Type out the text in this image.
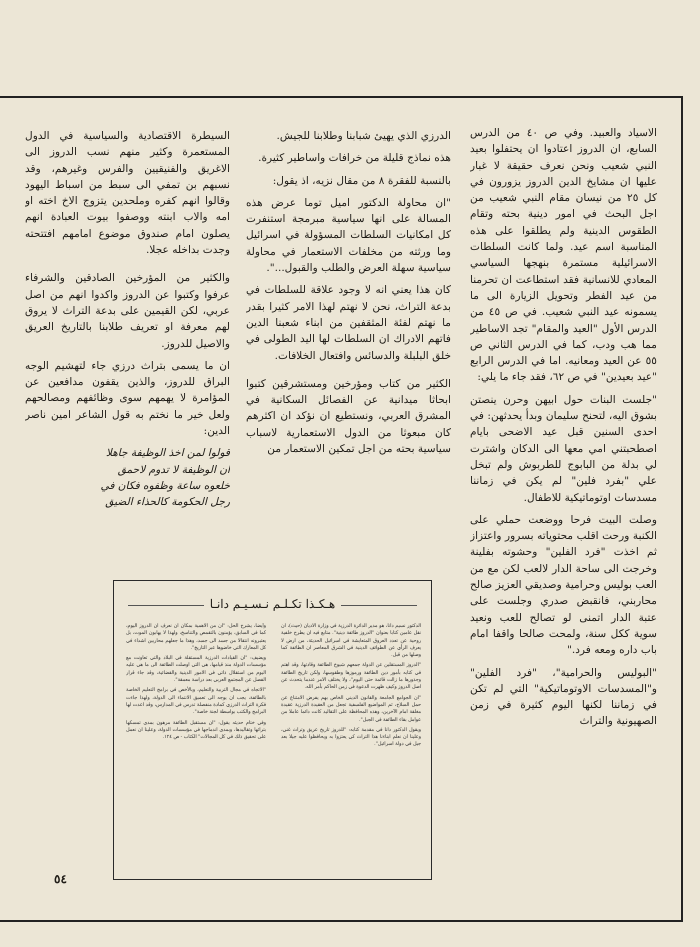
الاسياد والعبيد. وفي ص ٤٠ من الدرس السابع، ان الدروز اعتادوا ان يحتفلوا بعيد النبي شعيب ونحن نعرف حقيقة لا غبار عليها ان مشايخ الدين الدروز يزورون في كل ٢٥ من نيسان مقام النبي شعيب من اجل البحث في امور دينية بحته وتقام الطقوس الدينية ولم يطلقوا على هذه المناسبة اسم عيد. ولما كانت السلطات الاسرائيلية مستمرة بنهجها السياسي المعادي للانسانية فقد استطاعت ان تحرمنا من عيد الفطر وتحويل الزيارة الى ما يسمونه عيد النبي شعيب. في ص ٤٥ من الدرس الأول "العيد والمقام" تجد الاساطير مما هب ودب، كما في الدرس الثاني ص ٥٥ عن العيد ومعانيه. اما في الدرس الرابع "عيد بعيدين" في ص ٦٢، فقد جاء ما يلي:

"جلست البنات حول ابيهن وحرن ينصتن بشوق اليه، لتحنح سليمان وبدأ يحدثهن: في احدى السنين قبل عيد الاضحى بايام اصطحبتني امي معها الى الدكان واشترت لي بدلة من البابوج للطربوش ولم تبخل علي "بفرد فلين" لم يكن في زماننا مسدسات اوتوماتيكية للاطفال.

وصلت البيت فرحا ووضعت حملي على الكنبة ورحت اقلب محتوياته بسرور واعتزاز ثم اخذت "فرد الفلين" وحشوته بفلينة وخرجت الى ساحة الدار لالعب لكن مع من العب بوليس وحرامية وصديقي العزيز صالح محاربني، فانقبض صدري وجلست على عتبة الدار اتمنى لو تصالح للعب ونعيد سوية ككل سنة، ولمحت صالحا واقفا امام باب داره ومعه فرد."

"البوليس والحرامية"، "فرد الفلين" و"المسدسات الاوتوماتيكية" التي لم تكن في زماننا لكنها اليوم كثيرة في زمن الصهيونية والتراث

الدرزي الذي يهيئ شبابنا وطلابنا للجيش.

هذه نماذج قليلة من خرافات واساطير كثيرة.

بالنسبة للفقرة ٨ من مقال نزيه، اذ يقول:

"ان محاولة الدكتور اميل توما عرض هذه المسالة على انها سياسية مبرمجة استنفرت كل امكانيات السلطات المسؤولة في اسرائيل وما ورثته من مخلفات الاستعمار في محاولة سياسية سهلة العرض والطلب والقبول...".

كان هذا يعني انه لا وجود علاقة للسلطات في بدعة التراث، نحن لا نهتم لهذا الامر كثيرا بقدر ما نهتم لفئة المثقفين من ابناء شعبنا الدين فاتهم الادراك ان السلطات لها اليد الطولى في خلق البلبلة والدسائس وافتعال الخلافات.

الكثير من كتاب ومؤرخين ومستشرقين كتبوا ابحاثا ميدانية عن الفصائل السكانية في المشرق العربي، ونستطيع ان نؤكد ان اكثرهم كان مبعوثا من الدول الاستعمارية لاسباب سياسية بحته من اجل تمكين الاستعمار من

السيطرة الاقتصادية والسياسية في الدول المستعمرة وكثير منهم نسب الدروز الى الاغريق والفنيقيين والفرس وغيرهم، وقد نسبهم بن تمفي الى سبط من اسباط اليهود وقالوا انهم كفره وملحدين يتزوج الاخ اخته او امه والاب ابنته ووصفوا بيوت العبادة انهم يصلون امام صندوق موضوع امامهم افتتحته وجدت بداخله عجلا.

والكثير من المؤرخين الصادقين والشرفاء عرفوا وكتبوا عن الدروز واكدوا انهم من اصل عربي، لكن القيمين على بدعة التراث لا يروق لهم معرفة او تعريف طلابنا بالتاريخ العريق والاصيل للدروز.

ان ما يسمى بتراث درزي جاء لتهشيم الوجه البراق للدروز، والذين يقفون مدافعين عن المؤامرة لا يهمهم سوى وظائفهم ومصالحهم ولعل خير ما نختم به قول الشاعر امين ناصر الدين:

قولوا لمن اخذ الوظيفة جاهلا
ان الوظيفة لا تدوم لاحمق
خلعوه ساعة وظفوه فكان في
رجل الحكومة كالحذاء الضيق
هـكـذا تكـلـم نـسـيـم دانـا

الدكتور نسيم دانا، هو مدير الدائرة الدرزية في وزارة الاديان (حيث)، ان نقل عامين كتابا بعنوان "الدروز طائفة دينية". متابع فيه ان يطرح خلفية روحية عن تعدد العروق المتعايشة في اسرائيل الحديثة، من ارض لا يعرف الرأي عن الطوائف الدينية في الشرق المعاصر ان الطائفة كما وصلها من قبل.

"الدروز المستقلين عن الدولة جمعهم شيوخ الطائفة وقادتها، وقد اهتم في كتابه بأمور دين الطائفة ورموزها وطقوسها، ولكن تاريخ الطائفة وجذورها ما زالت قائمة حتى اليوم"، ولا يختلف الامر عندما يتحدث عن اصل الدروز وكيف ظهرت الدعوة في زمن الحاكم بأمر الله.

"ان الجوامع الجامعة والقانون الديني الخاص بهم يفرض الامتناع عن حمل السلاح، ثم المواضيع الفلسفية تجعل من العقيدة الدرزية عقيدة مغلقة امام الآخرين، وهذه المحافظة على التقاليد كانت دائما عاملا من عوامل بقاء الطائفة في الجبل".

ويقول الدكتور دانا في مقدمة كتابه: "للدروز تاريخ عريق وتراث غني، وعلينا ان نعلم ابناءنا هذا التراث كي يعتزوا به ويحافظوا عليه جيلا بعد جيل في دولة اسرائيل".

وأيضا، يشرح الحل: "ان من الاهمية بمكان ان نعرف ان الدروز اليوم، كما في السابق، يؤمنون بالتقمص والتناسخ، ولهذا لا يهابون الموت، بل يعتبرونه انتقالا من جسد الى جسد، وهذا ما جعلهم محاربين اشداء في كل المعارك التي خاضوها عبر التاريخ".

ويضيف: "ان القيادات الدرزية المستقلة في البلاد والتي تعاونت مع مؤسسات الدولة منذ قيامها، هي التي اوصلت الطائفة الى ما هي عليه اليوم من استقلال ذاتي في الامور الدينية والقضائية، وقد جاء قرار الفصل عن المجتمع العربي بعد دراسة معمقة".

"الاتجاه في مجال التربية والتعليم، وبالأخص في برامج التعليم الخاصة بالطائفة، يجب ان يوجه الى تعميق الانتماء الى الدولة، ولهذا جاءت فكرة التراث الدرزي كمادة منفصلة تدرس في المدارس، وقد اعدت لها البرامج والكتب بواسطة لجنة خاصة".

وفي ختام حديثه يقول: "ان مستقبل الطائفة مرهون بمدى تمسكها بتراثها وتقاليدها، وبمدى اندماجها في مؤسسات الدولة، وعلينا ان نعمل على تحقيق ذلك في كل المجالات" الكتاب - ص ١٢٤.

٥٤
